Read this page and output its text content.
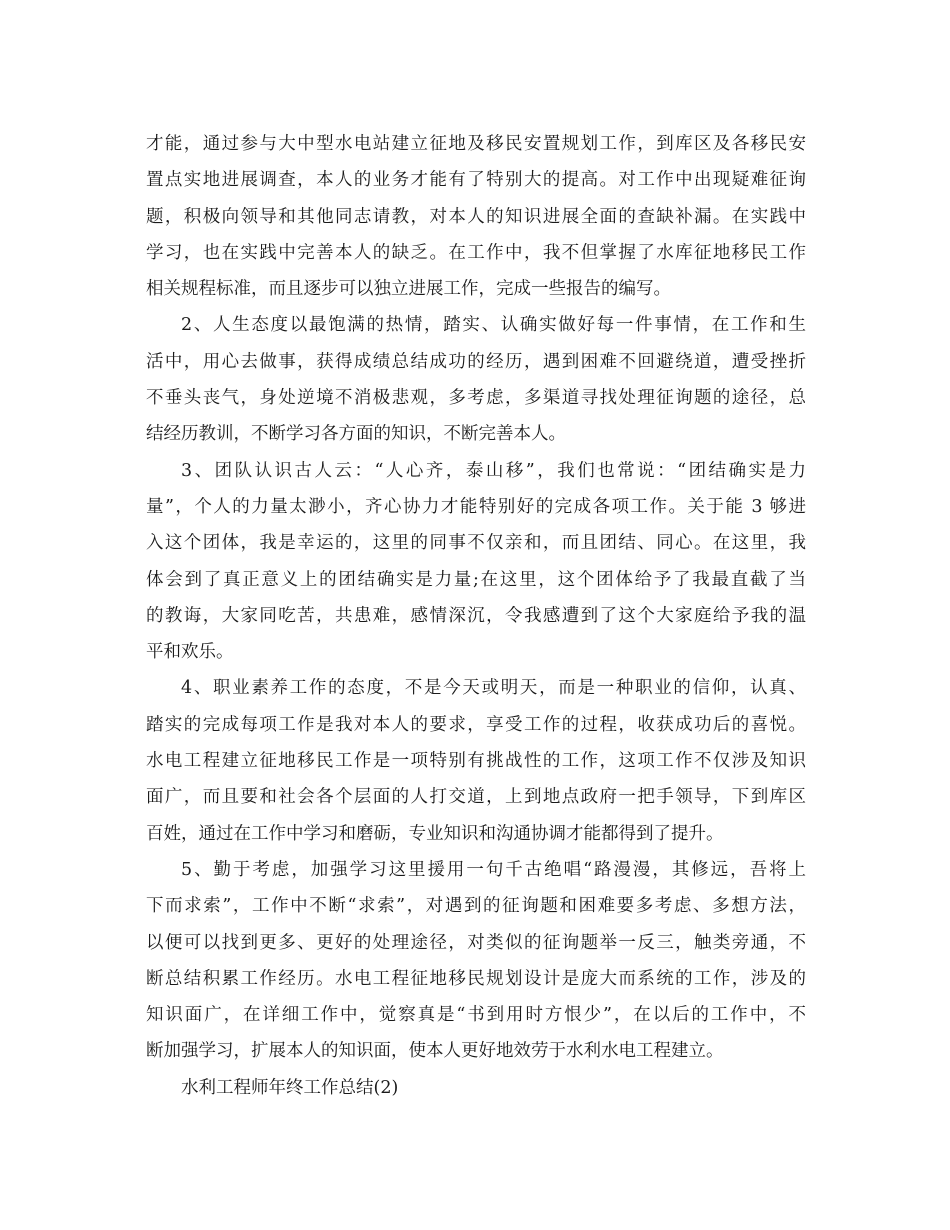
才能，通过参与大中型水电站建立征地及移民安置规划工作，到库区及各移民安
置点实地进展调查，本人的业务才能有了特别大的提高。对工作中出现疑难征询
题，积极向领导和其他同志请教，对本人的知识进展全面的查缺补漏。在实践中
学习，也在实践中完善本人的缺乏。在工作中，我不但掌握了水库征地移民工作
相关规程标准，而且逐步可以独立进展工作，完成一些报告的编写。
2、人生态度以最饱满的热情，踏实、认确实做好每一件事情，在工作和生
活中，用心去做事，获得成绩总结成功的经历，遇到困难不回避绕道，遭受挫折
不垂头丧气，身处逆境不消极悲观，多考虑，多渠道寻找处理征询题的途径，总
结经历教训，不断学习各方面的知识，不断完善本人。
3、团队认识古人云：“人心齐，泰山移”，我们也常说：“团结确实是力
量”，个人的力量太渺小，齐心协力才能特别好的完成各项工作。关于能 3 够进
入这个团体，我是幸运的，这里的同事不仅亲和，而且团结、同心。在这里，我
体会到了真正意义上的团结确实是力量;在这里，这个团体给予了我最直截了当
的教诲，大家同吃苦，共患难，感情深沉，令我感遭到了这个大家庭给予我的温
平和欢乐。
4、职业素养工作的态度，不是今天或明天，而是一种职业的信仰，认真、
踏实的完成每项工作是我对本人的要求，享受工作的过程，收获成功后的喜悦。
水电工程建立征地移民工作是一项特别有挑战性的工作，这项工作不仅涉及知识
面广，而且要和社会各个层面的人打交道，上到地点政府一把手领导，下到库区
百姓，通过在工作中学习和磨砺，专业知识和沟通协调才能都得到了提升。
5、勤于考虑，加强学习这里援用一句千古绝唱“路漫漫，其修远，吾将上
下而求索”，工作中不断“求索”，对遇到的征询题和困难要多考虑、多想方法，
以便可以找到更多、更好的处理途径，对类似的征询题举一反三，触类旁通，不
断总结积累工作经历。水电工程征地移民规划设计是庞大而系统的工作，涉及的
知识面广，在详细工作中，觉察真是“书到用时方恨少”，在以后的工作中，不
断加强学习，扩展本人的知识面，使本人更好地效劳于水利水电工程建立。
水利工程师年终工作总结(2)
